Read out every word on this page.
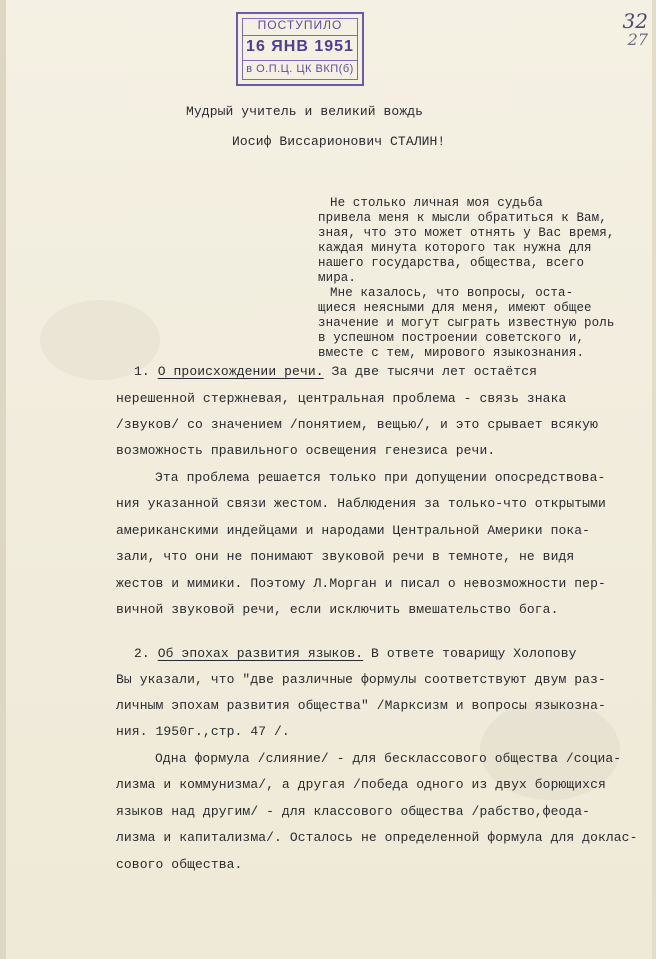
ПОСТУПИЛО
16 ЯНВ 1951
в О.П.Ц. ЦК ВКП(б)
32
27
Мудрый учитель и великий вождь
Иосиф Виссарионович СТАЛИН!
Не столько личная моя судьба
привела меня к мысли обратиться к Вам,
зная, что это может отнять у Вас время,
каждая минута которого так нужна для
нашего государства, общества, всего
мира.
Мне казалось, что вопросы, оста-
щиеся неясными для меня, имеют общее
значение и могут сыграть известную роль
в успешном построении советского и,
вместе с тем, мирового языкознания.
1. О происхождении речи. За две тысячи лет остаётся
нерешенной стержневая, центральная проблема - связь знака
/звуков/ со значением /понятием, вещью/, и это срывает всякую
возможность правильного освещения генезиса речи.
Эта проблема решается только при допущении опосредствова-
ния указанной связи жестом. Наблюдения за только-что открытыми
американскими индейцами и народами Центральной Америки пока-
зали, что они не понимают звуковой речи в темноте, не видя
жестов и мимики. Поэтому Л.Морган и писал о невозможности пер-
вичной звуковой речи, если исключить вмешательство бога.
2. Об эпохах развития языков. В ответе товарищу Холопову
Вы указали, что "две различные формулы соответствуют двум раз-
личным эпохам развития общества" /Марксизм и вопросы языкозна-
ния. 1950г.,стр. 47 /.
Одна формула /слияние/ - для бесклассового общества /социа-
лизма и коммунизма/, а другая /победа одного из двух борющихся
языков над другим/ - для классового общества /рабство,феода-
лизма и капитализма/. Осталось не определенной формула для доклас-
сового общества.
